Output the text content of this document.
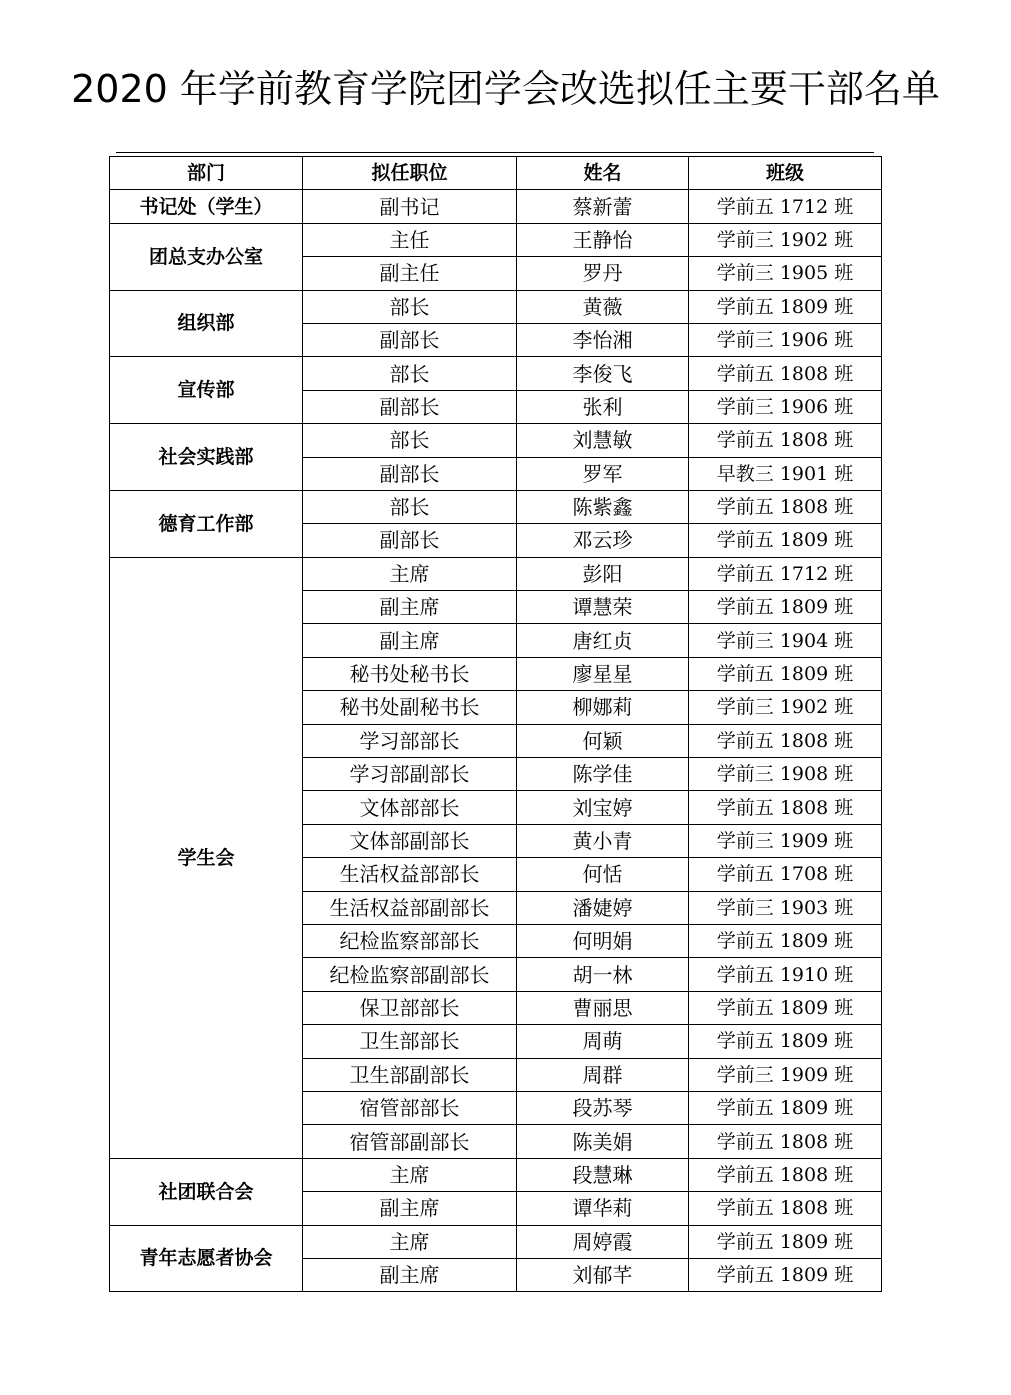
2020 年学前教育学院团学会改选拟任主要干部名单
部门	拟任职位	姓名	班级
书记处（学生）	副书记	蔡新蕾	学前五 1712 班
团总支办公室	主任	王静怡	学前三 1902 班
	副主任	罗丹	学前三 1905 班
组织部	部长	黄薇	学前五 1809 班
	副部长	李怡湘	学前三 1906 班
宣传部	部长	李俊飞	学前五 1808 班
	副部长	张利	学前三 1906 班
社会实践部	部长	刘慧敏	学前五 1808 班
	副部长	罗军	早教三 1901 班
德育工作部	部长	陈紫鑫	学前五 1808 班
	副部长	邓云珍	学前五 1809 班
学生会	主席	彭阳	学前五 1712 班
	副主席	谭慧荣	学前五 1809 班
	副主席	唐红贞	学前三 1904 班
	秘书处秘书长	廖星星	学前五 1809 班
	秘书处副秘书长	柳娜莉	学前三 1902 班
	学习部部长	何颖	学前五 1808 班
	学习部副部长	陈学佳	学前三 1908 班
	文体部部长	刘宝婷	学前五 1808 班
	文体部副部长	黄小青	学前三 1909 班
	生活权益部部长	何恬	学前五 1708 班
	生活权益部副部长	潘婕婷	学前三 1903 班
	纪检监察部部长	何明娟	学前五 1809 班
	纪检监察部副部长	胡一林	学前五 1910 班
	保卫部部长	曹丽思	学前五 1809 班
	卫生部部长	周萌	学前五 1809 班
	卫生部副部长	周群	学前三 1909 班
	宿管部部长	段苏琴	学前五 1809 班
	宿管部副部长	陈美娟	学前五 1808 班
社团联合会	主席	段慧琳	学前五 1808 班
	副主席	谭华莉	学前五 1808 班
青年志愿者协会	主席	周婷霞	学前五 1809 班
	副主席	刘郁芊	学前五 1809 班
